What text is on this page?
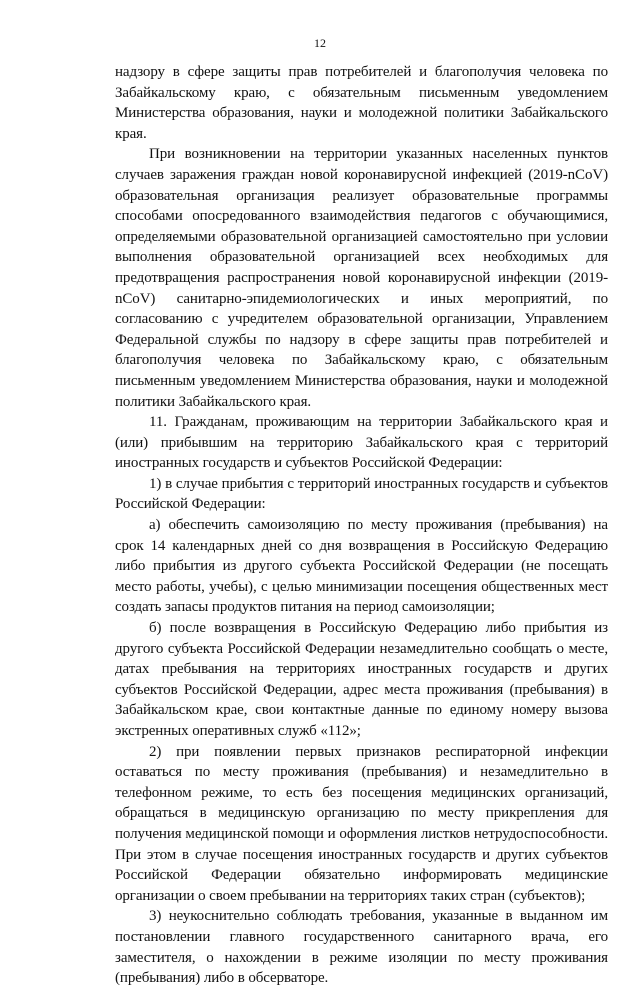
12

надзору в сфере защиты прав потребителей и благополучия человека по Забайкальскому краю, с обязательным письменным уведомлением Министерства образования, науки и молодежной политики Забайкальского края.

При возникновении на территории указанных населенных пунктов случаев заражения граждан новой коронавирусной инфекцией (2019-nCoV) образовательная организация реализует образовательные программы способами опосредованного взаимодействия педагогов с обучающимися, определяемыми образовательной организацией самостоятельно при условии выполнения образовательной организацией всех необходимых для предотвращения распространения новой коронавирусной инфекции (2019-nCoV) санитарно-эпидемиологических и иных мероприятий, по согласованию с учредителем образовательной организации, Управлением Федеральной службы по надзору в сфере защиты прав потребителей и благополучия человека по Забайкальскому краю, с обязательным письменным уведомлением Министерства образования, науки и молодежной политики Забайкальского края.

11. Гражданам, проживающим на территории Забайкальского края и (или) прибывшим на территорию Забайкальского края с территорий иностранных государств и субъектов Российской Федерации:

1) в случае прибытия с территорий иностранных государств и субъектов Российской Федерации:

а) обеспечить самоизоляцию по месту проживания (пребывания) на срок 14 календарных дней со дня возвращения в Российскую Федерацию либо прибытия из другого субъекта Российской Федерации (не посещать место работы, учебы), с целью минимизации посещения общественных мест создать запасы продуктов питания на период самоизоляции;

б) после возвращения в Российскую Федерацию либо прибытия из другого субъекта Российской Федерации незамедлительно сообщать о месте, датах пребывания на территориях иностранных государств и других субъектов Российской Федерации, адрес места проживания (пребывания) в Забайкальском крае, свои контактные данные по единому номеру вызова экстренных оперативных служб «112»;

2) при появлении первых признаков респираторной инфекции оставаться по месту проживания (пребывания) и незамедлительно в телефонном режиме, то есть без посещения медицинских организаций, обращаться в медицинскую организацию по месту прикрепления для получения медицинской помощи и оформления листков нетрудоспособности. При этом в случае посещения иностранных государств и других субъектов Российской Федерации обязательно информировать медицинские организации о своем пребывании на территориях таких стран (субъектов);

3) неукоснительно соблюдать требования, указанные в выданном им постановлении главного государственного санитарного врача, его заместителя, о нахождении в режиме изоляции по месту проживания (пребывания) либо в обсерваторе.
